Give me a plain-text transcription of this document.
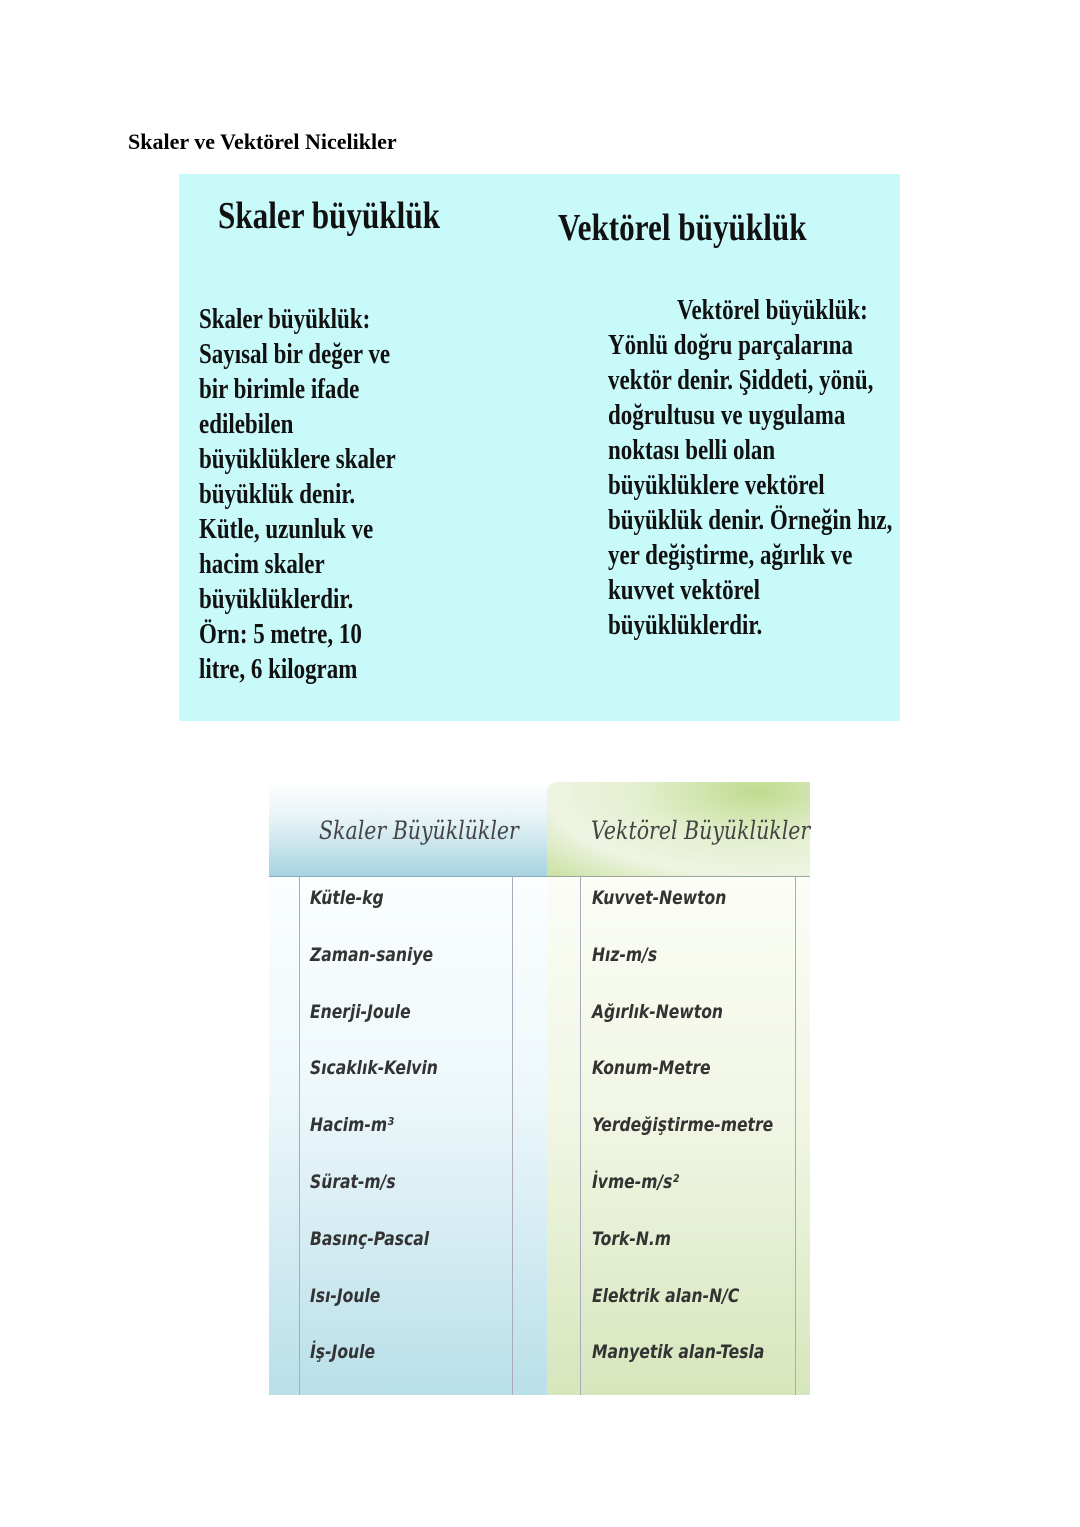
Skaler ve Vektörel Nicelikler
Skaler büyüklük	Vektörel büyüklük
Skaler büyüklük:
Sayısal bir değer ve
bir birimle ifade
edilebilen
büyüklüklere skaler
büyüklük denir.
Kütle, uzunluk ve
hacim skaler
büyüklüklerdir.
Örn: 5 metre, 10
litre, 6 kilogram
Vektörel büyüklük:
Yönlü doğru parçalarına
vektör denir. Şiddeti, yönü,
doğrultusu ve uygulama
noktası belli olan
büyüklüklere vektörel
büyüklük denir. Örneğin hız,
yer değiştirme, ağırlık ve
kuvvet vektörel
büyüklüklerdir.
Skaler Büyüklükler	Vektörel Büyüklükler
Kütle-kg
Zaman-saniye
Enerji-Joule
Sıcaklık-Kelvin
Hacim-m³
Sürat-m/s
Basınç-Pascal
Isı-Joule
İş-Joule
Kuvvet-Newton
Hız-m/s
Ağırlık-Newton
Konum-Metre
Yerdeğiştirme-metre
İvme-m/s²
Tork-N.m
Elektrik alan-N/C
Manyetik alan-Tesla
